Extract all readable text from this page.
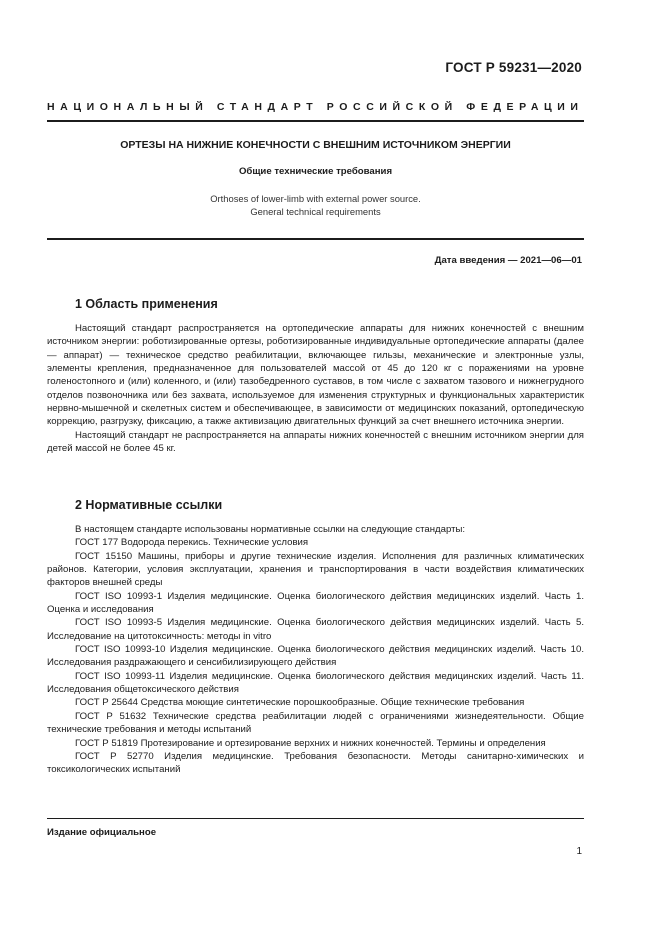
ГОСТ Р 59231—2020
НАЦИОНАЛЬНЫЙ СТАНДАРТ РОССИЙСКОЙ ФЕДЕРАЦИИ
ОРТЕЗЫ НА НИЖНИЕ КОНЕЧНОСТИ С ВНЕШНИМ ИСТОЧНИКОМ ЭНЕРГИИ
Общие технические требования
Orthoses of lower-limb with external power source.
General technical requirements
Дата введения — 2021—06—01
1 Область применения

Настоящий стандарт распространяется на ортопедические аппараты для нижних конечностей с внешним источником энергии: роботизированные ортезы, роботизированные индивидуальные ортопедические аппараты (далее — аппарат) — техническое средство реабилитации, включающее гильзы, механические и электронные узлы, элементы крепления, предназначенное для пользователей массой от 45 до 120 кг с поражениями на уровне голеностопного и (или) коленного, и (или) тазобедренного суставов, в том числе с захватом тазового и нижнегрудного отделов позвоночника или без захвата, используемое для изменения структурных и функциональных характеристик нервно-мышечной и скелетных систем и обеспечивающее, в зависимости от медицинских показаний, ортопедическую коррекцию, разгрузку, фиксацию, а также активизацию двигательных функций за счет внешнего источника энергии.

Настоящий стандарт не распространяется на аппараты нижних конечностей с внешним источником энергии для детей массой не более 45 кг.

2 Нормативные ссылки

В настоящем стандарте использованы нормативные ссылки на следующие стандарты:

ГОСТ 177 Водорода перекись. Технические условия

ГОСТ 15150 Машины, приборы и другие технические изделия. Исполнения для различных климатических районов. Категории, условия эксплуатации, хранения и транспортирования в части воздействия климатических факторов внешней среды

ГОСТ ISO 10993-1 Изделия медицинские. Оценка биологического действия медицинских изделий. Часть 1. Оценка и исследования

ГОСТ ISO 10993-5 Изделия медицинские. Оценка биологического действия медицинских изделий. Часть 5. Исследование на цитотоксичность: методы in vitro

ГОСТ ISO 10993-10 Изделия медицинские. Оценка биологического действия медицинских изделий. Часть 10. Исследования раздражающего и сенсибилизирующего действия

ГОСТ ISO 10993-11 Изделия медицинские. Оценка биологического действия медицинских изделий. Часть 11. Исследования общетоксического действия

ГОСТ Р 25644 Средства моющие синтетические порошкообразные. Общие технические требования

ГОСТ Р 51632 Технические средства реабилитации людей с ограничениями жизнедеятельности. Общие технические требования и методы испытаний

ГОСТ Р 51819 Протезирование и ортезирование верхних и нижних конечностей. Термины и определения

ГОСТ Р 52770 Изделия медицинские. Требования безопасности. Методы санитарно-химических и токсикологических испытаний

Издание официальное
1
